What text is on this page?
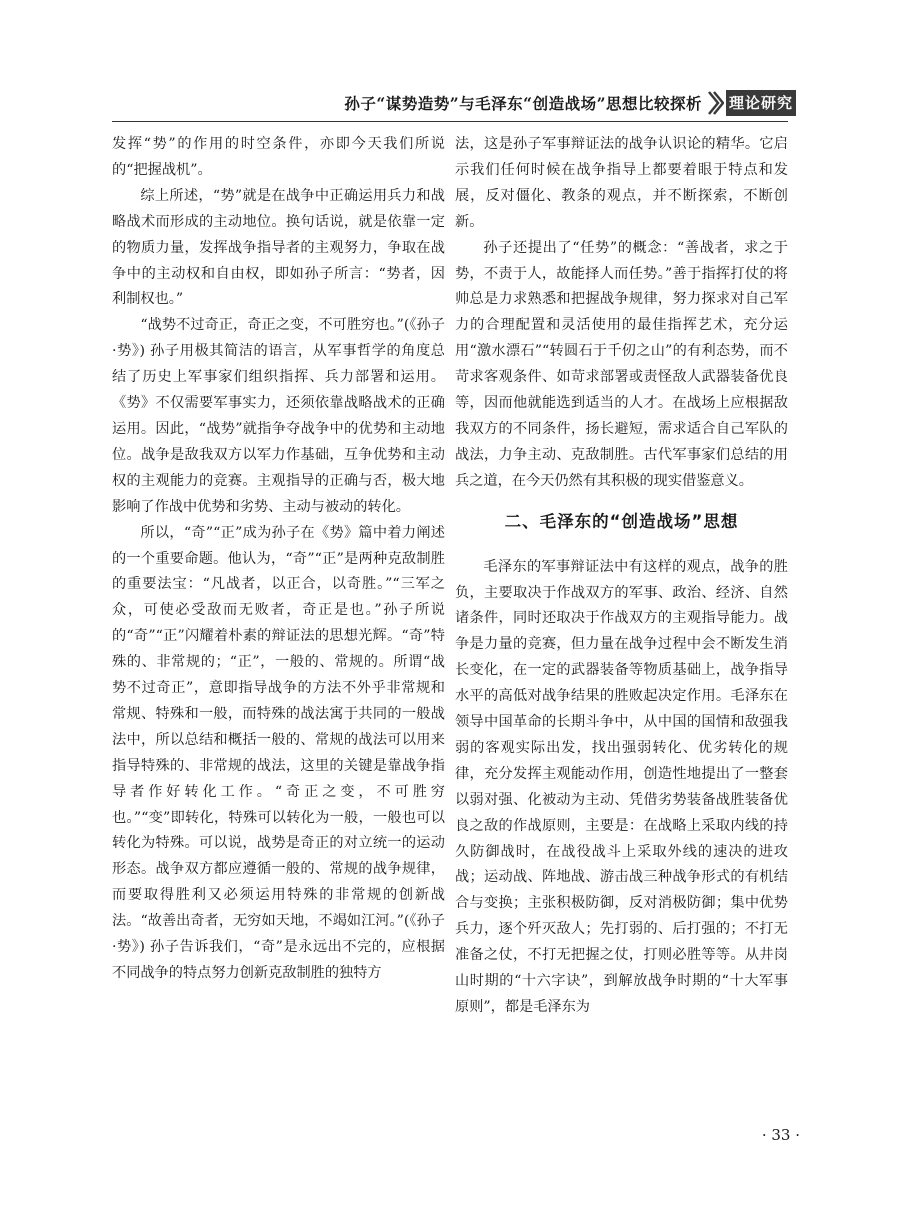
孙子“谋势造势”与毛泽东“创造战场”思想比较探析 理论研究

发挥“势”的作用的时空条件，亦即今天我们所说的“把握战机”。

综上所述，“势”就是在战争中正确运用兵力和战略战术而形成的主动地位。换句话说，就是依靠一定的物质力量，发挥战争指导者的主观努力，争取在战争中的主动权和自由权，即如孙子所言：“势者，因利制权也。”

“战势不过奇正，奇正之变，不可胜穷也。”(《孙子·势》) 孙子用极其简洁的语言，从军事哲学的角度总结了历史上军事家们组织指挥、兵力部署和运用。《势》不仅需要军事实力，还须依靠战略战术的正确运用。因此，“战势”就指争夺战争中的优势和主动地位。战争是敌我双方以军力作基础，互争优势和主动权的主观能力的竞赛。主观指导的正确与否，极大地影响了作战中优势和劣势、主动与被动的转化。

所以，“奇”“正”成为孙子在《势》篇中着力阐述的一个重要命题。他认为，“奇”“正”是两种克敌制胜的重要法宝：“凡战者，以正合，以奇胜。”“三军之众，可使必受敌而无败者，奇正是也。”孙子所说的“奇”“正”闪耀着朴素的辩证法的思想光辉。“奇”特殊的、非常规的；“正”，一般的、常规的。所谓“战势不过奇正”，意即指导战争的方法不外乎非常规和常规、特殊和一般，而特殊的战法寓于共同的一般战法中，所以总结和概括一般的、常规的战法可以用来指导特殊的、非常规的战法，这里的关键是靠战争指导者作好转化工作。“奇正之变，不可胜穷也。”“变”即转化，特殊可以转化为一般，一般也可以转化为特殊。可以说，战势是奇正的对立统一的运动形态。战争双方都应遵循一般的、常规的战争规律，而要取得胜利又必须运用特殊的非常规的创新战法。“故善出奇者，无穷如天地，不竭如江河。”(《孙子·势》) 孙子告诉我们，“奇”是永远出不完的，应根据不同战争的特点努力创新克敌制胜的独特方

法，这是孙子军事辩证法的战争认识论的精华。它启示我们任何时候在战争指导上都要着眼于特点和发展，反对僵化、教条的观点，并不断探索，不断创新。

孙子还提出了“任势”的概念：“善战者，求之于势，不责于人，故能择人而任势。”善于指挥打仗的将帅总是力求熟悉和把握战争规律，努力探求对自己军力的合理配置和灵活使用的最佳指挥艺术，充分运用“激水漂石”“转圆石于千仞之山”的有利态势，而不苛求客观条件、如苛求部署或责怪敌人武器装备优良等，因而他就能选到适当的人才。在战场上应根据敌我双方的不同条件，扬长避短，需求适合自己军队的战法，力争主动、克敌制胜。古代军事家们总结的用兵之道，在今天仍然有其积极的现实借鉴意义。

二、毛泽东的“创造战场”思想

毛泽东的军事辩证法中有这样的观点，战争的胜负，主要取决于作战双方的军事、政治、经济、自然诸条件，同时还取决于作战双方的主观指导能力。战争是力量的竞赛，但力量在战争过程中会不断发生消长变化，在一定的武器装备等物质基础上，战争指导水平的高低对战争结果的胜败起决定作用。毛泽东在领导中国革命的长期斗争中，从中国的国情和敌强我弱的客观实际出发，找出强弱转化、优劣转化的规律，充分发挥主观能动作用，创造性地提出了一整套以弱对强、化被动为主动、凭借劣势装备战胜装备优良之敌的作战原则，主要是：在战略上采取内线的持久防御战时，在战役战斗上采取外线的速决的进攻战；运动战、阵地战、游击战三种战争形式的有机结合与变换；主张积极防御，反对消极防御；集中优势兵力，逐个歼灭敌人；先打弱的、后打强的；不打无准备之仗，不打无把握之仗，打则必胜等等。从井岗山时期的“十六字诀”，到解放战争时期的“十大军事原则”，都是毛泽东为

· 33 ·
